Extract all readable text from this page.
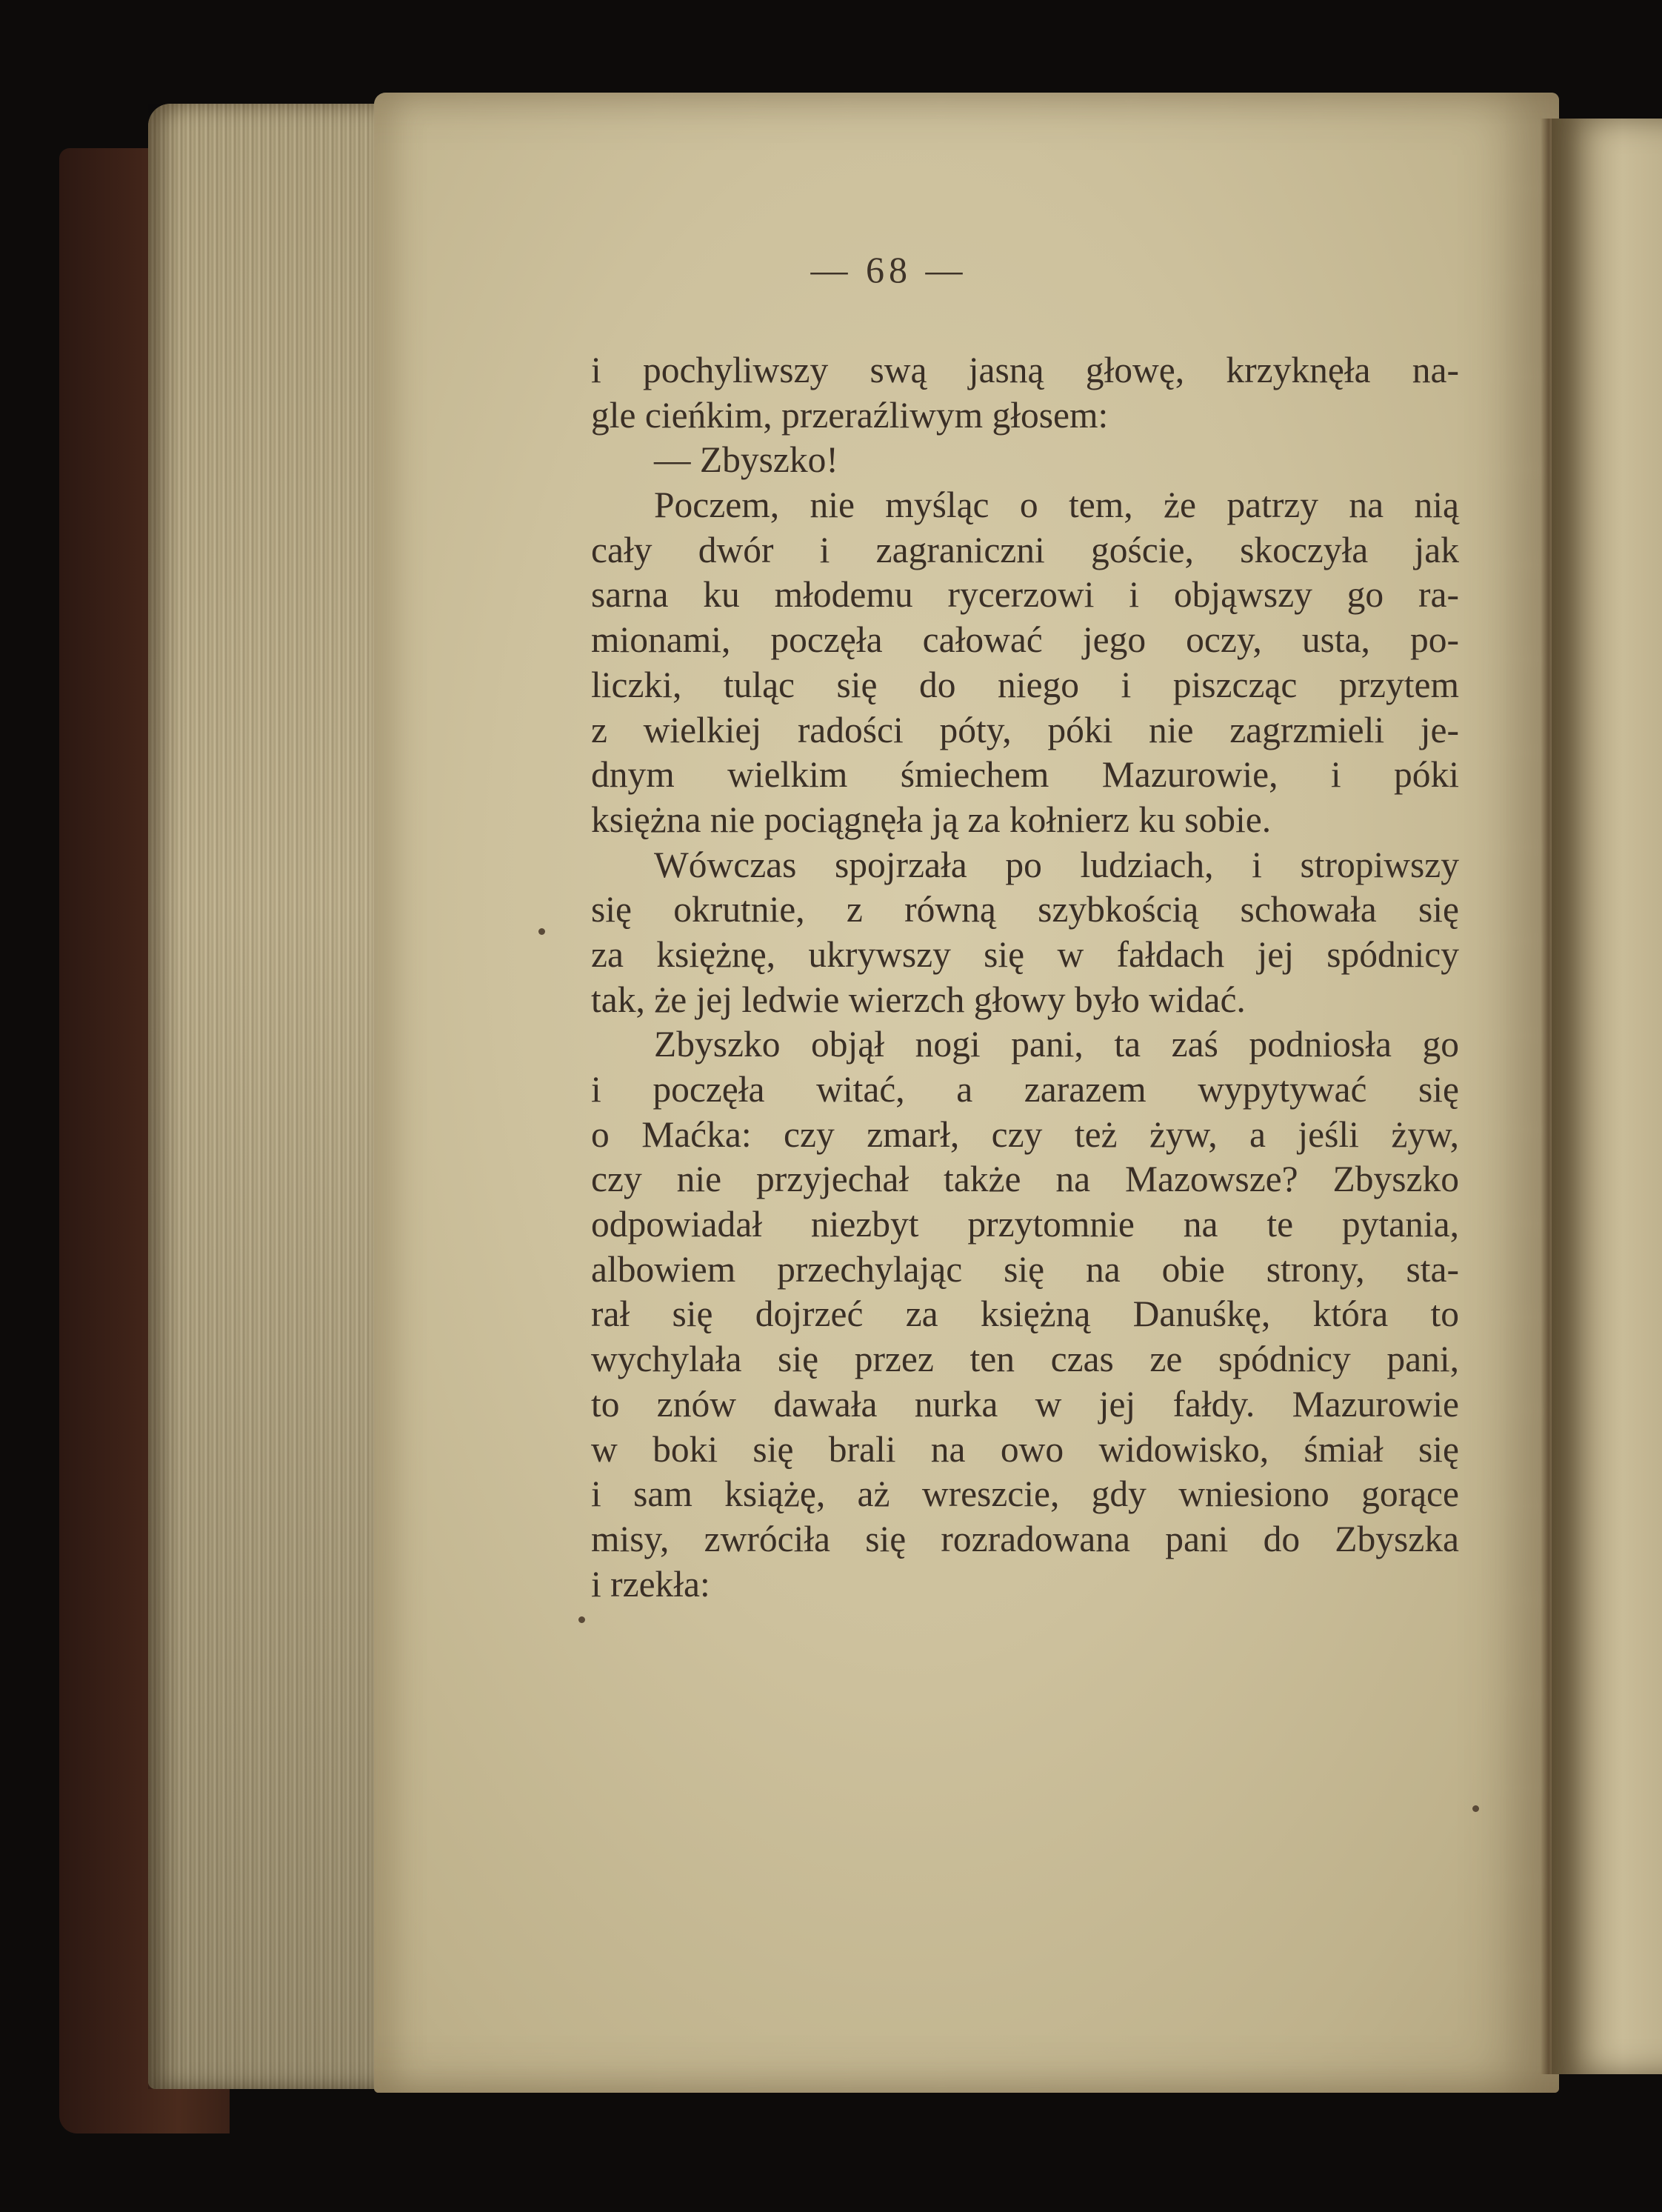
— 68 —
i pochyliwszy swą jasną głowę, krzyknęła na-
gle cieńkim, przeraźliwym głosem:
— Zbyszko!
Poczem, nie myśląc o tem, że patrzy na nią
cały dwór i zagraniczni goście, skoczyła jak
sarna ku młodemu rycerzowi i objąwszy go ra-
mionami, poczęła całować jego oczy, usta, po-
liczki, tuląc się do niego i piszcząc przytem
z wielkiej radości póty, póki nie zagrzmieli je-
dnym wielkim śmiechem Mazurowie, i póki
księżna nie pociągnęła ją za kołnierz ku sobie.
Wówczas spojrzała po ludziach, i stropiwszy
się okrutnie, z równą szybkością schowała się
za księżnę, ukrywszy się w fałdach jej spódnicy
tak, że jej ledwie wierzch głowy było widać.
Zbyszko objął nogi pani, ta zaś podniosła go
i poczęła witać, a zarazem wypytywać się
o Maćka: czy zmarł, czy też żyw, a jeśli żyw,
czy nie przyjechał także na Mazowsze? Zbyszko
odpowiadał niezbyt przytomnie na te pytania,
albowiem przechylając się na obie strony, sta-
rał się dojrzeć za księżną Danuśkę, która to
wychylała się przez ten czas ze spódnicy pani,
to znów dawała nurka w jej fałdy. Mazurowie
w boki się brali na owo widowisko, śmiał się
i sam książę, aż wreszcie, gdy wniesiono gorące
misy, zwróciła się rozradowana pani do Zbyszka
i rzekła:
